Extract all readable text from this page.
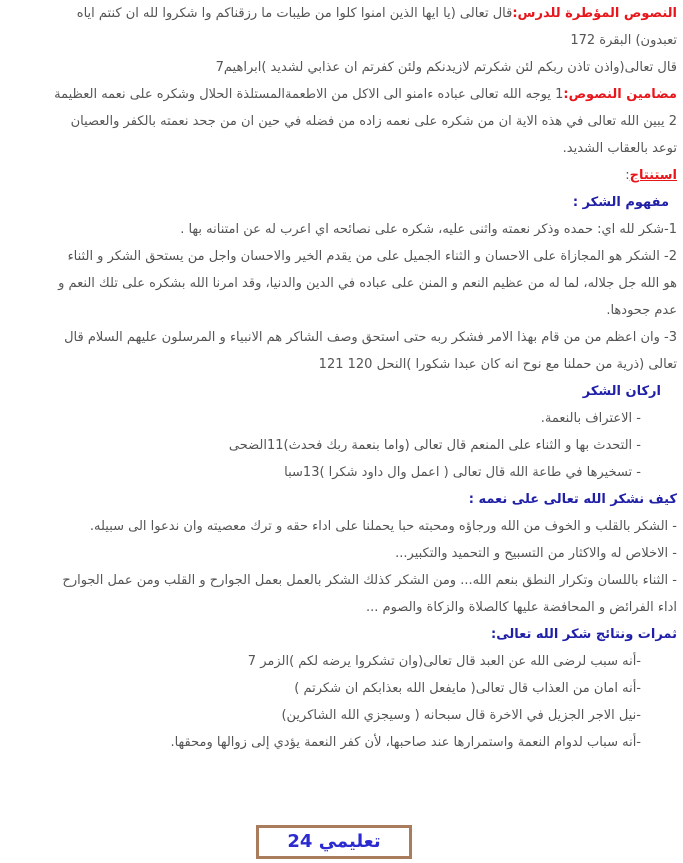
النصوص المؤطرة للدرس:قال تعالى (يا ايها الذين امنوا كلوا من طيبات ما رزقناكم وا شكروا لله ان كنتم اياه
تعبدون) البقرة 172
قال تعالى(واذن تاذن ربكم لئن شكرتم لازيدنكم ولئن كفرتم ان عذابي لشديد )ابراهيم7
مضامين النصوص:1 يوجه الله تعالى عباده ءامنو الى الاكل من الاطعمةالمستلذة الحلال وشكره على نعمه العظيمة
2 يبين الله تعالى في هذه الاية ان من شكره على نعمه زاده من فضله في حين ان من جحد نعمته بالكفر والعصيان
توعد بالعقاب الشديد.
استنتاج:
مفهوم الشكر :
1-شكر لله اي: حمده وذكر نعمته واثنى عليه، شكره على نصائحه اي اعرب له عن امتنانه بها .
2- الشكر هو المجازاة على الاحسان و الثناء الجميل على من يقدم الخير والاحسان واجل من يستحق الشكر و الثناء
هو الله جل جلاله، لما له من عظيم النعم و المنن على عباده في الدين والدنيا، وقد امرنا الله بشكره على تلك النعم و
عدم جحودها.
3- وان اعظم من من قام بهذا الامر فشكر ربه حتى استحق وصف الشاكر هم الانبياء و المرسلون عليهم السلام قال
تعالى (ذرية من حملنا مع نوح انه كان عبدا شكورا )النحل 120 121
اركان الشكر
- الاعتراف بالنعمة.
- التحدث بها و الثناء على المنعم قال تعالى (واما بنعمة ربك فحدث)11الضحى
- تسخيرها في طاعة الله قال تعالى ( اعمل وال داود شكرا )13سبا
كيف نشكر الله تعالى على نعمه :
- الشكر بالقلب و الخوف من الله ورجاؤه ومحبته حبا يحملنا على اداء حقه و ترك معصيته وان ندعوا الى سبيله.
- الاخلاص له والاكثار من التسبيح و التحميد والتكبير...
- الثناء باللسان وتكرار النطق بنعم الله... ومن الشكر كذلك الشكر بالعمل بعمل الجوارح و القلب ومن عمل الجوارح
اداء الفرائض و المحافضة عليها كالصلاة والزكاة والصوم ...
ثمرات ونتائج شكر الله تعالى:
-أنه سبب لرضى الله عن العبد قال تعالى(وان تشكروا يرضه لكم )الزمر 7
-أنه امان من العذاب قال تعالى( مايفعل الله بعذابكم ان شكرتم )
-نيل الاجر الجزيل في الاخرة قال سبحانه ( وسيجزي الله الشاكرين)
-أنه سباب لدوام النعمة واستمرارها عند صاحبها، لأن كفر النعمة يؤدي إلى زوالها ومحقها.
تعليمي 24
